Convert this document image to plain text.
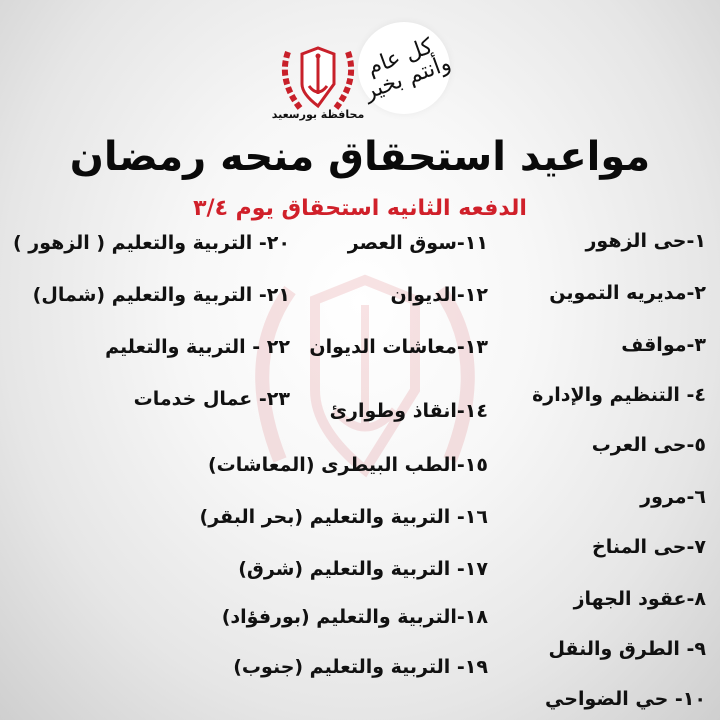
محافظة بورسعيد
كل عام وأنتم بخير
مواعيد استحقاق منحه رمضان
الدفعه الثانيه استحقاق يوم ٣/٤
١-حى الزهور
٢-مديريه التموين
٣-مواقف
٤- التنظيم والإدارة
٥-حى العرب
٦-مرور
٧-حى المناخ
٨-عقود الجهاز
٩- الطرق والنقل
١٠- حي الضواحي
١١-سوق العصر
١٢-الديوان
١٣-معاشات الديوان
١٤-انقاذ وطوارئ
١٥-الطب البيطرى (المعاشات)
١٦- التربية والتعليم (بحر البقر)
١٧- التربية والتعليم (شرق)
١٨-التربية والتعليم (بورفؤاد)
١٩- التربية والتعليم (جنوب)
٢٠- التربية والتعليم ( الزهور )
٢١- التربية والتعليم (شمال)
٢٢ - التربية والتعليم
٢٣- عمال خدمات
